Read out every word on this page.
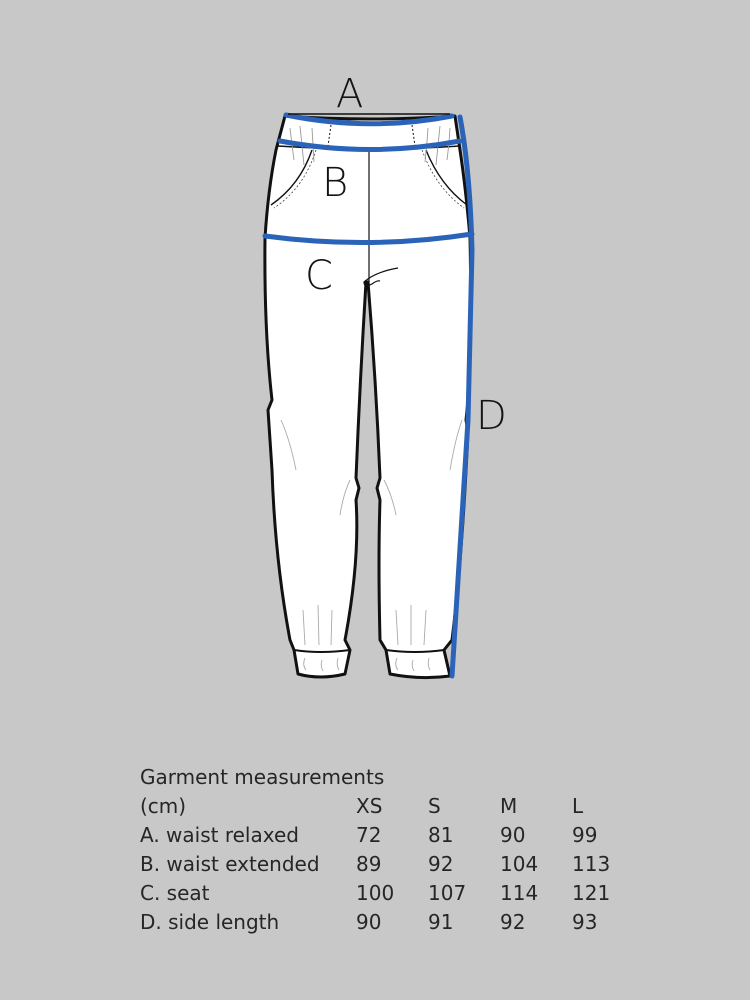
A
B
C
D
Garment measurements
(cm)	XS S	M	L
A. waist relaxed	72 81 90 99
B. waist extended 89 92 104 113
C. seat	100 107 114 121
D. side length	90 91 92 93
